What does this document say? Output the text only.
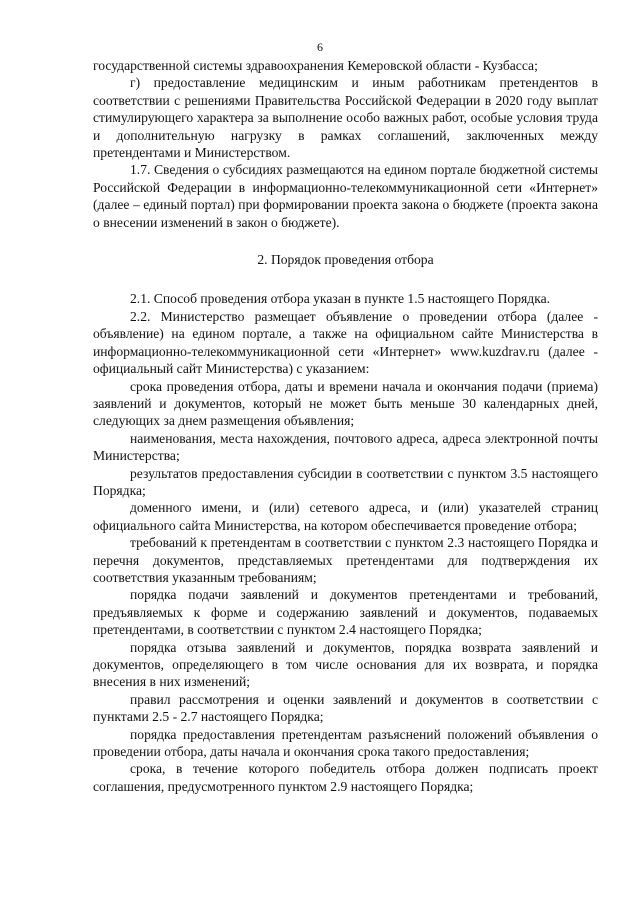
6

государственной системы здравоохранения Кемеровской области - Кузбасса;

г) предоставление медицинским и иным работникам претендентов в соответствии с решениями Правительства Российской Федерации в 2020 году выплат стимулирующего характера за выполнение особо важных работ, особые условия труда и дополнительную нагрузку в рамках соглашений, заключенных между претендентами и Министерством.

1.7. Сведения о субсидиях размещаются на едином портале бюджетной системы Российской Федерации в информационно-телекоммуникационной сети «Интернет» (далее – единый портал) при формировании проекта закона о бюджете (проекта закона о внесении изменений в закон о бюджете).

2. Порядок проведения отбора

2.1. Способ проведения отбора указан в пункте 1.5 настоящего Порядка.

2.2. Министерство размещает объявление о проведении отбора (далее - объявление) на едином портале, а также на официальном сайте Министерства в информационно-телекоммуникационной сети «Интернет» www.kuzdrav.ru (далее - официальный сайт Министерства) с указанием:

срока проведения отбора, даты и времени начала и окончания подачи (приема) заявлений и документов, который не может быть меньше 30 календарных дней, следующих за днем размещения объявления;

наименования, места нахождения, почтового адреса, адреса электронной почты Министерства;

результатов предоставления субсидии в соответствии с пунктом 3.5 настоящего Порядка;

доменного имени, и (или) сетевого адреса, и (или) указателей страниц официального сайта Министерства, на котором обеспечивается проведение отбора;

требований к претендентам в соответствии с пунктом 2.3 настоящего Порядка и перечня документов, представляемых претендентами для подтверждения их соответствия указанным требованиям;

порядка подачи заявлений и документов претендентами и требований, предъявляемых к форме и содержанию заявлений и документов, подаваемых претендентами, в соответствии с пунктом 2.4 настоящего Порядка;

порядка отзыва заявлений и документов, порядка возврата заявлений и документов, определяющего в том числе основания для их возврата, и порядка внесения в них изменений;

правил рассмотрения и оценки заявлений и документов в соответствии с пунктами 2.5 - 2.7 настоящего Порядка;

порядка предоставления претендентам разъяснений положений объявления о проведении отбора, даты начала и окончания срока такого предоставления;

срока, в течение которого победитель отбора должен подписать проект соглашения, предусмотренного пунктом 2.9 настоящего Порядка;
